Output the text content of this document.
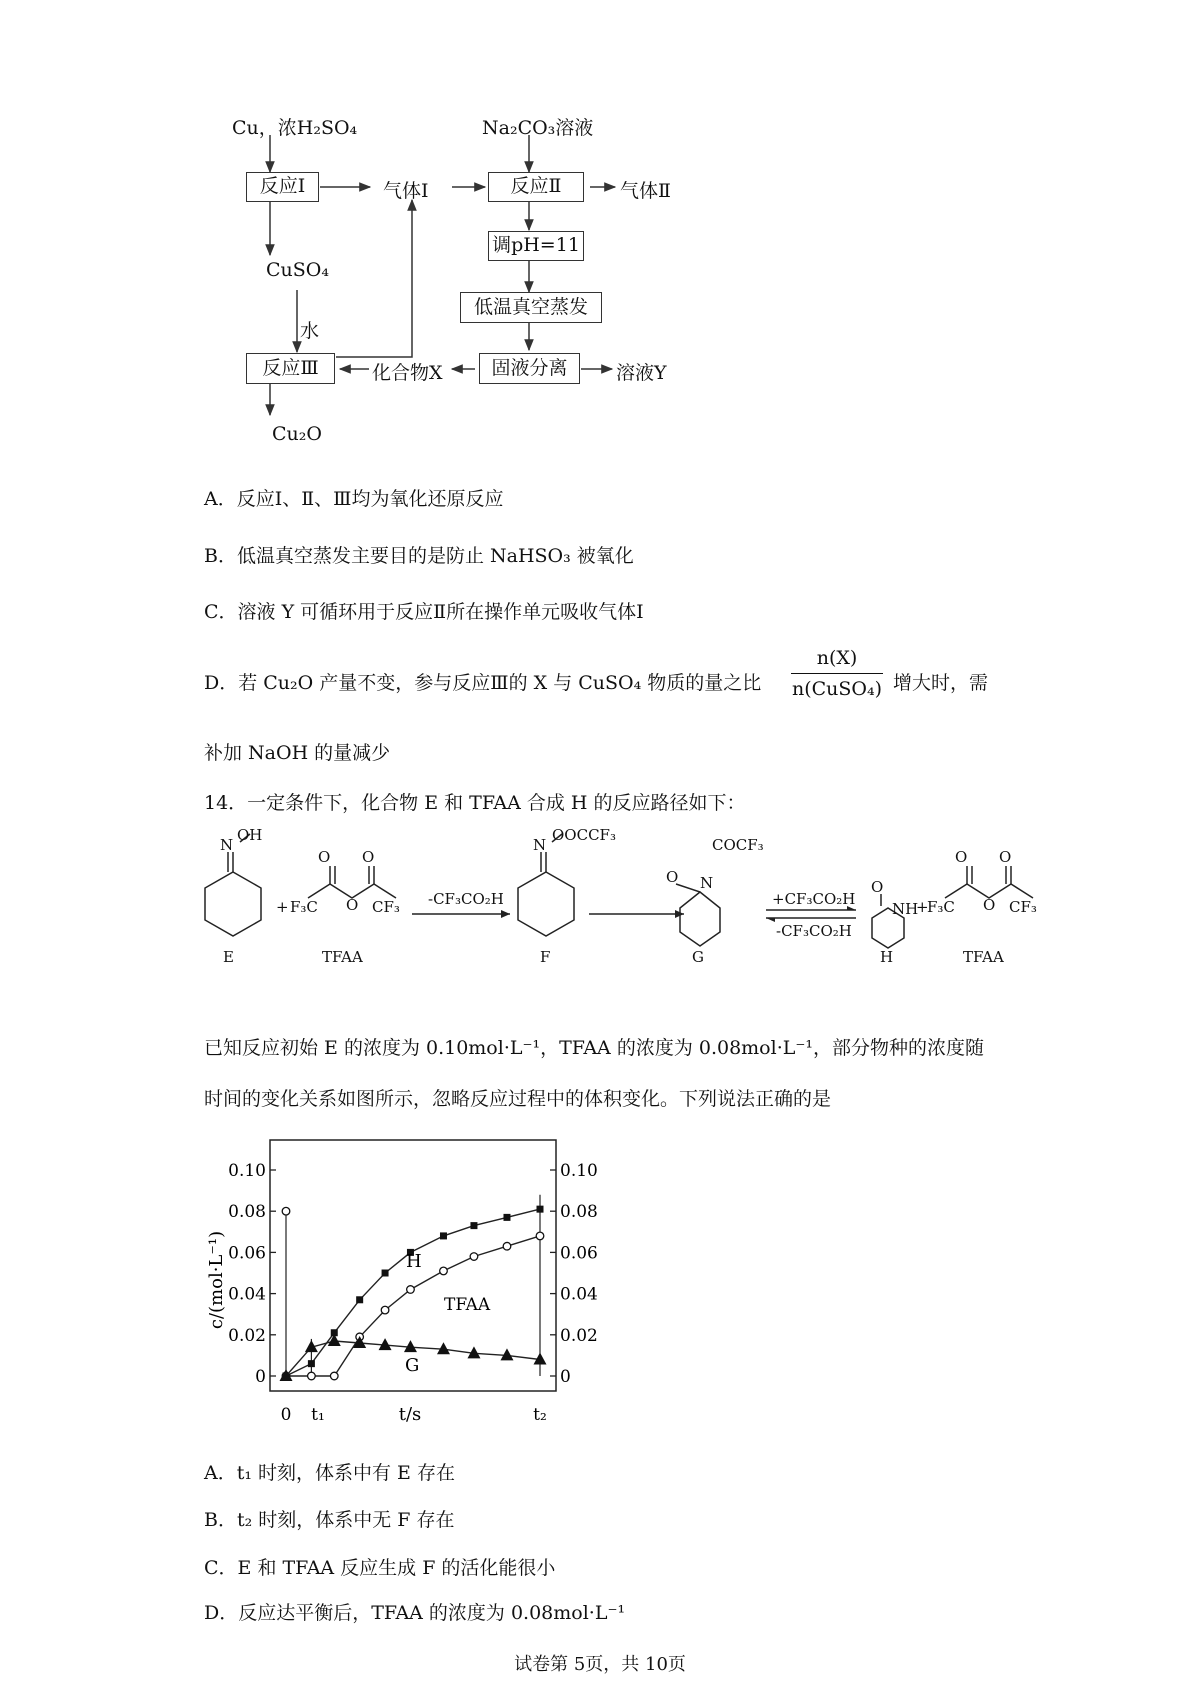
Cu，浓H₂SO₄	Na₂CO₃溶液
反应Ⅰ	气体Ⅰ	反应Ⅱ	气体Ⅱ
调pH=11
低温真空蒸发
CuSO₄
水
反应Ⅲ	化合物X	固液分离	溶液Y
Cu₂O
A．反应Ⅰ、Ⅱ、Ⅲ均为氧化还原反应
B．低温真空蒸发主要目的是防止 NaHSO₃ 被氧化
C．溶液 Y 可循环用于反应Ⅱ所在操作单元吸收气体Ⅰ
D．若 Cu₂O 产量不变，参与反应Ⅲ的 X 与 CuSO₄ 物质的量之比
n(X)
n(CuSO₄) 增大时，需
补加 NaOH 的量减少
14．一定条件下，化合物 E 和 TFAA 合成 H 的反应路径如下：
OH
N
E
+ F₃C	CF₃
O
O O
TFAA
-CF₃CO₂H
OOCCF₃
N
F
COCF₃
N
O
G
+CF₃CO₂H
-CF₃CO₂H
NH
O
H
+
F₃C	CF₃
O
O O
TFAA
已知反应初始 E 的浓度为 0.10mol·L⁻¹，TFAA 的浓度为 0.08mol·L⁻¹，部分物种的浓度随
时间的变化关系如图所示，忽略反应过程中的体积变化。下列说法正确的是
0
0.02
0.04
0.06
0.08
0.10
0
0.02
0.04
0.06
0.08
0.10
c/(mol·L⁻¹)
t/s
0 t₁	t₂
H
TFAA
G
A．t₁ 时刻，体系中有 E 存在
B．t₂ 时刻，体系中无 F 存在
C．E 和 TFAA 反应生成 F 的活化能很小
D．反应达平衡后，TFAA 的浓度为 0.08mol·L⁻¹
试卷第 5页，共 10页
